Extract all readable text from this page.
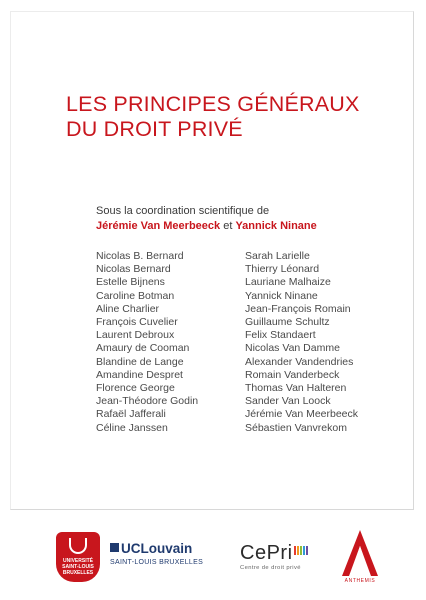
LES PRINCIPES GÉNÉRAUX
DU DROIT PRIVÉ
Sous la coordination scientifique de
Jérémie Van Meerbeeck et Yannick Ninane
Nicolas B. Bernard
Nicolas Bernard
Estelle Bijnens
Caroline Botman
Aline Charlier
François Cuvelier
Laurent Debroux
Amaury de Cooman
Blandine de Lange
Amandine Despret
Florence George
Jean-Théodore Godin
Rafaël Jafferali
Céline Janssen
Sarah Larielle
Thierry Léonard
Lauriane Malhaize
Yannick Ninane
Jean-François Romain
Guillaume Schultz
Felix Standaert
Nicolas Van Damme
Alexander Vandendries
Romain Vanderbeck
Thomas Van Halteren
Sander Van Loock
Jérémie Van Meerbeeck
Sébastien Vanvrekom
UNIVERSITÉ SAINT-LOUIS BRUXELLES
UCLouvain
SAINT-LOUIS BRUXELLES	CePri
Centre de droit privé
ANTHEMIS
